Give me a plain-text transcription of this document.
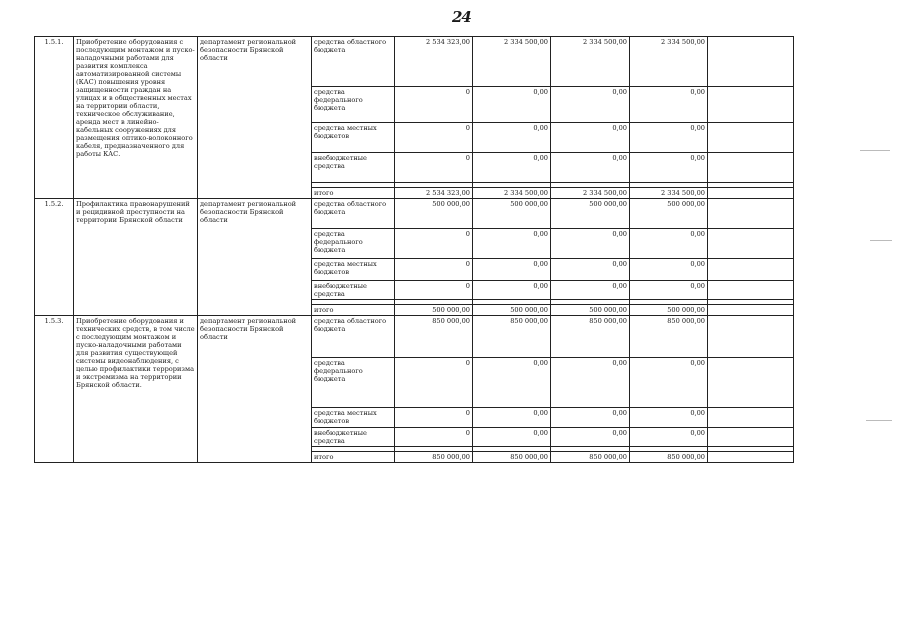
24
1.5.1.	Приобретение оборудования с последующим монтажом и пуско-наладочными работами для развития комплекса автоматизированной системы (КАС) повышения уровня защищенности граждан на улицах и в общественных местах на территории области, техническое обслуживание, аренда мест в линейно-кабельных сооружениях для размещения оптико-волоконного кабеля, предназначенного для работы КАС.	департамент региональной безопасности Брянской области	средства областного бюджета	2 534 323,00	2 334 500,00	2 334 500,00	2 334 500,00	
			средства федерального бюджета	0	0,00	0,00	0,00	
			средства местных бюджетов	0	0,00	0,00	0,00	
			внебюджетные средства	0	0,00	0,00	0,00	

			итого	2 534 323,00	2 334 500,00	2 334 500,00	2 334 500,00	
1.5.2.	Профилактика правонарушений и рецидивной преступности на территории Брянской области	департамент региональной безопасности Брянской области	средства областного бюджета	500 000,00	500 000,00	500 000,00	500 000,00	
			средства федерального бюджета	0	0,00	0,00	0,00	
			средства местных бюджетов	0	0,00	0,00	0,00	
			внебюджетные средства	0	0,00	0,00	0,00	

			итого	500 000,00	500 000,00	500 000,00	500 000,00	
1.5.3.	Приобретение оборудования и технических средств, в том числе с последующим монтажом и пуско-наладочными работами для развития существующей системы видеонаблюдения, с целью профилактики терроризма и экстремизма на территории Брянской области.	департамент региональной безопасности Брянской области	средства областного бюджета	850 000,00	850 000,00	850 000,00	850 000,00	
			средства федерального бюджета	0	0,00	0,00	0,00	
			средства местных бюджетов	0	0,00	0,00	0,00	
			внебюджетные средства	0	0,00	0,00	0,00	

			итого	850 000,00	850 000,00	850 000,00	850 000,00	
